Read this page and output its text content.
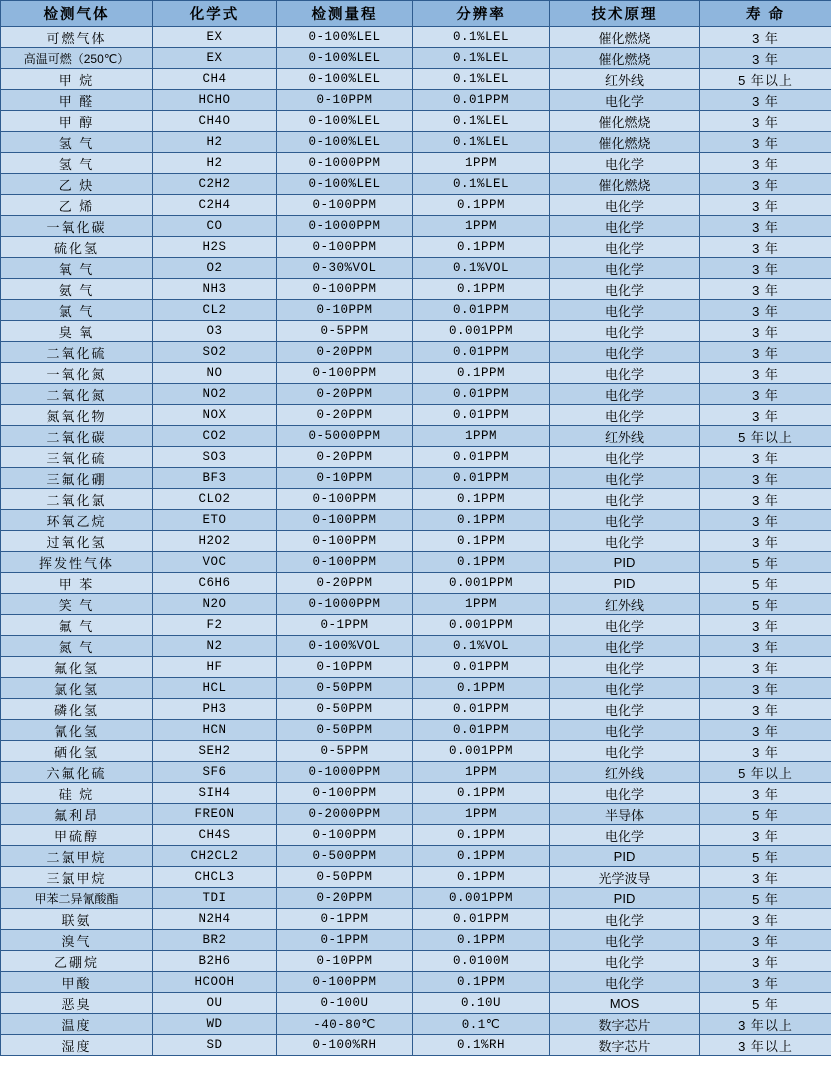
检测气体	化学式	检测量程	分辨率	技术原理	寿 命
可燃气体	EX	0-100%LEL	0.1%LEL	催化燃烧	3 年
高温可燃（250℃）	EX	0-100%LEL	0.1%LEL	催化燃烧	3 年
甲 烷	CH4	0-100%LEL	0.1%LEL	红外线	5 年以上
甲 醛	HCHO	0-10PPM	0.01PPM	电化学	3 年
甲 醇	CH4O	0-100%LEL	0.1%LEL	催化燃烧	3 年
氢 气	H2	0-100%LEL	0.1%LEL	催化燃烧	3 年
氢 气	H2	0-1000PPM	1PPM	电化学	3 年
乙 炔	C2H2	0-100%LEL	0.1%LEL	催化燃烧	3 年
乙 烯	C2H4	0-100PPM	0.1PPM	电化学	3 年
一氧化碳	CO	0-1000PPM	1PPM	电化学	3 年
硫化氢	H2S	0-100PPM	0.1PPM	电化学	3 年
氧 气	O2	0-30%VOL	0.1%VOL	电化学	3 年
氨 气	NH3	0-100PPM	0.1PPM	电化学	3 年
氯 气	CL2	0-10PPM	0.01PPM	电化学	3 年
臭 氧	O3	0-5PPM	0.001PPM	电化学	3 年
二氧化硫	SO2	0-20PPM	0.01PPM	电化学	3 年
一氧化氮	NO	0-100PPM	0.1PPM	电化学	3 年
二氧化氮	NO2	0-20PPM	0.01PPM	电化学	3 年
氮氧化物	NOX	0-20PPM	0.01PPM	电化学	3 年
二氧化碳	CO2	0-5000PPM	1PPM	红外线	5 年以上
三氧化硫	SO3	0-20PPM	0.01PPM	电化学	3 年
三氟化硼	BF3	0-10PPM	0.01PPM	电化学	3 年
二氧化氯	CLO2	0-100PPM	0.1PPM	电化学	3 年
环氧乙烷	ETO	0-100PPM	0.1PPM	电化学	3 年
过氧化氢	H2O2	0-100PPM	0.1PPM	电化学	3 年
挥发性气体	VOC	0-100PPM	0.1PPM	PID	5 年
甲 苯	C6H6	0-20PPM	0.001PPM	PID	5 年
笑 气	N2O	0-1000PPM	1PPM	红外线	5 年
氟 气	F2	0-1PPM	0.001PPM	电化学	3 年
氮 气	N2	0-100%VOL	0.1%VOL	电化学	3 年
氟化氢	HF	0-10PPM	0.01PPM	电化学	3 年
氯化氢	HCL	0-50PPM	0.1PPM	电化学	3 年
磷化氢	PH3	0-50PPM	0.01PPM	电化学	3 年
氰化氢	HCN	0-50PPM	0.01PPM	电化学	3 年
硒化氢	SEH2	0-5PPM	0.001PPM	电化学	3 年
六氟化硫	SF6	0-1000PPM	1PPM	红外线	5 年以上
硅 烷	SIH4	0-100PPM	0.1PPM	电化学	3 年
氟利昂	FREON	0-2000PPM	1PPM	半导体	5 年
甲硫醇	CH4S	0-100PPM	0.1PPM	电化学	3 年
二氯甲烷	CH2CL2	0-500PPM	0.1PPM	PID	5 年
三氯甲烷	CHCL3	0-50PPM	0.1PPM	光学波导	3 年
甲苯二异氰酸酯	TDI	0-20PPM	0.001PPM	PID	5 年
联氨	N2H4	0-1PPM	0.01PPM	电化学	3 年
溴气	BR2	0-1PPM	0.1PPM	电化学	3 年
乙硼烷	B2H6	0-10PPM	0.0100M	电化学	3 年
甲酸	HCOOH	0-100PPM	0.1PPM	电化学	3 年
恶臭	OU	0-100U	0.10U	MOS	5 年
温度	WD	-40-80℃	0.1℃	数字芯片	3 年以上
湿度	SD	0-100%RH	0.1%RH	数字芯片	3 年以上
